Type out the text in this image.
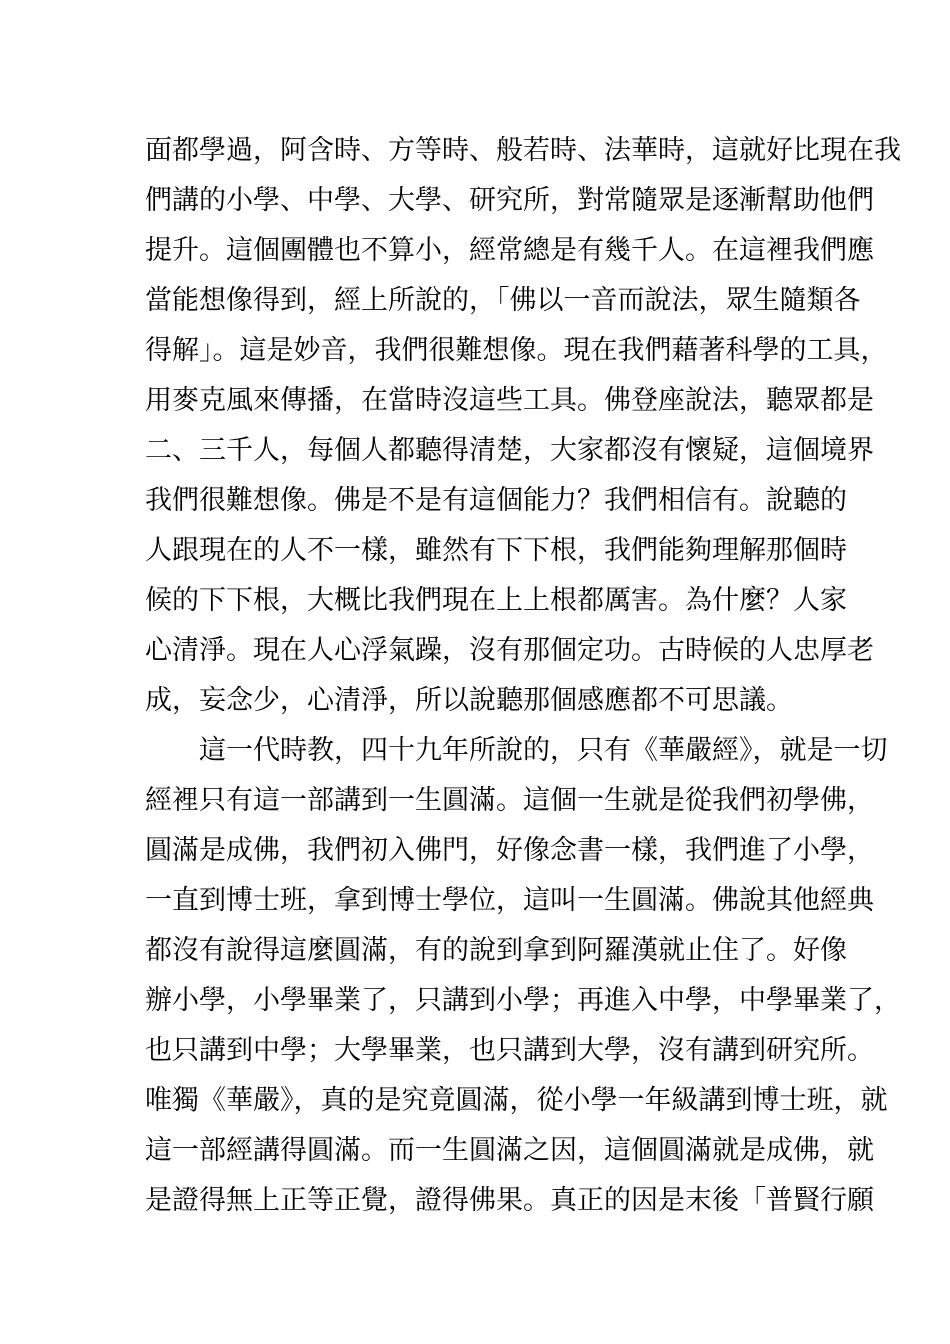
面都學過，阿含時、方等時、般若時、法華時，這就好比現在我
們講的小學、中學、大學、研究所，對常隨眾是逐漸幫助他們
提升。這個團體也不算小，經常總是有幾千人。在這裡我們應
當能想像得到，經上所說的，「佛以一音而說法，眾生隨類各
得解」。這是妙音，我們很難想像。現在我們藉著科學的工具，
用麥克風來傳播，在當時沒這些工具。佛登座說法，聽眾都是
二、三千人，每個人都聽得清楚，大家都沒有懷疑，這個境界
我們很難想像。佛是不是有這個能力？我們相信有。說聽的
人跟現在的人不一樣，雖然有下下根，我們能夠理解那個時
候的下下根，大概比我們現在上上根都厲害。為什麼？人家
心清淨。現在人心浮氣躁，沒有那個定功。古時候的人忠厚老
成，妄念少，心清淨，所以說聽那個感應都不可思議。
　　這一代時教，四十九年所說的，只有《華嚴經》，就是一切
經裡只有這一部講到一生圓滿。這個一生就是從我們初學佛，
圓滿是成佛，我們初入佛門，好像念書一樣，我們進了小學，
一直到博士班，拿到博士學位，這叫一生圓滿。佛說其他經典
都沒有說得這麼圓滿，有的說到拿到阿羅漢就止住了。好像
辦小學，小學畢業了，只講到小學；再進入中學，中學畢業了，
也只講到中學；大學畢業，也只講到大學，沒有講到研究所。
唯獨《華嚴》，真的是究竟圓滿，從小學一年級講到博士班，就
這一部經講得圓滿。而一生圓滿之因，這個圓滿就是成佛，就
是證得無上正等正覺，證得佛果。真正的因是末後「普賢行願
